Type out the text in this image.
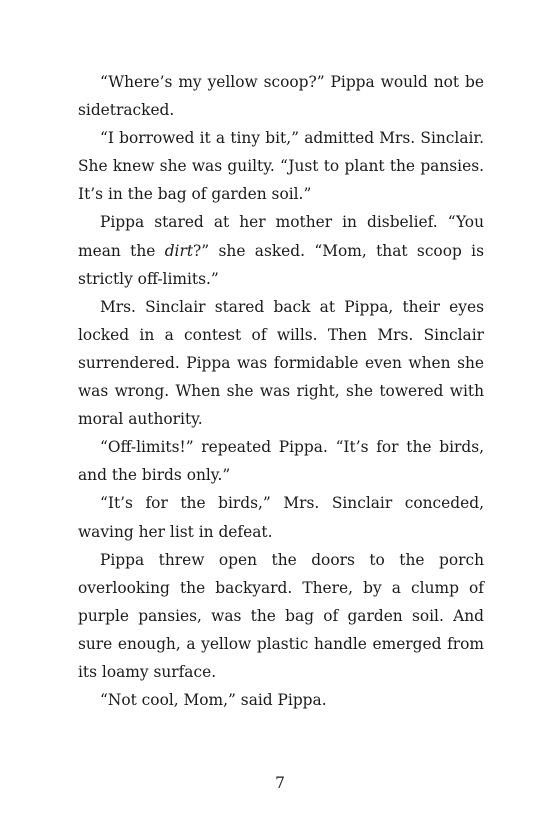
“Where’s my yellow scoop?” Pippa would not be sidetracked.

“I borrowed it a tiny bit,” admitted Mrs. Sinclair. She knew she was guilty. “Just to plant the pansies. It’s in the bag of garden soil.”

Pippa stared at her mother in disbelief. “You mean the dirt?” she asked. “Mom, that scoop is strictly off-limits.”

Mrs. Sinclair stared back at Pippa, their eyes locked in a contest of wills. Then Mrs. Sinclair surrendered. Pippa was formidable even when she was wrong. When she was right, she towered with moral authority.

“Off-limits!” repeated Pippa. “It’s for the birds, and the birds only.”

“It’s for the birds,” Mrs. Sinclair conceded, waving her list in defeat.

Pippa threw open the doors to the porch overlooking the backyard. There, by a clump of purple pansies, was the bag of garden soil. And sure enough, a yellow plastic handle emerged from its loamy surface.

“Not cool, Mom,” said Pippa.

7
